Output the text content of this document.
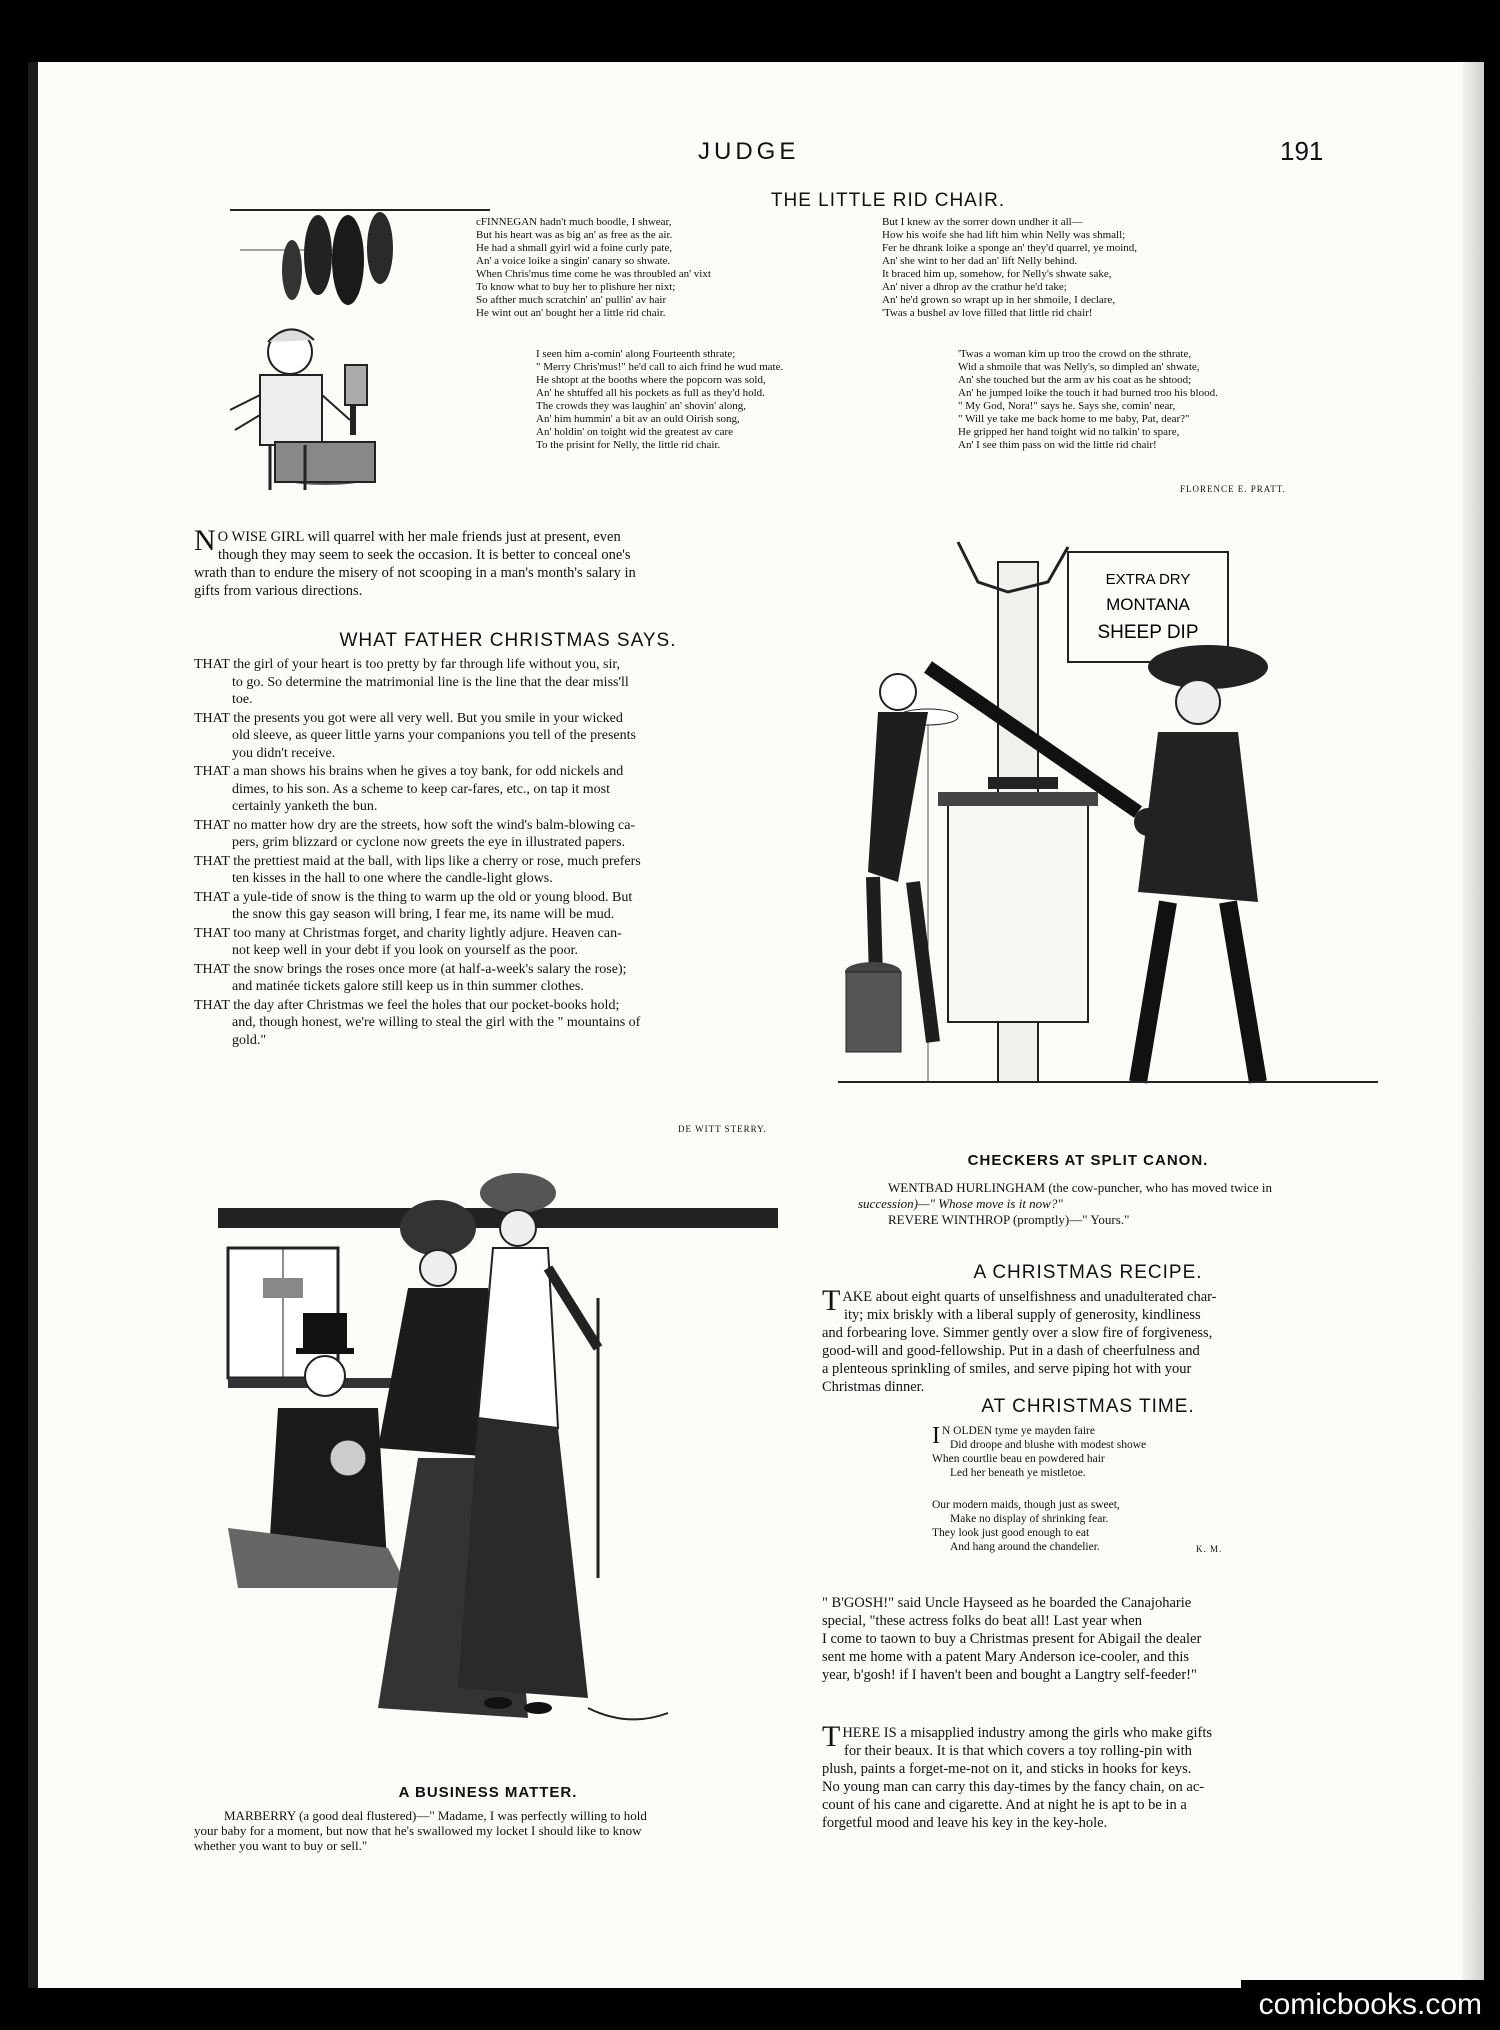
JUDGE	191
THE LITTLE RID CHAIR.
cFINNEGAN hadn't much boodle, I shwear,
But his heart was as big an' as free as the air.
He had a shmall gyirl wid a foine curly pate,
An' a voice loike a singin' canary so shwate.
When Chris'mus time come he was throubled an' vixt
To know what to buy her to plishure her nixt;
So afther much scratchin' an' pullin' av hair
He wint out an' bought her a little rid chair.
I seen him a-comin' along Fourteenth sthrate;
" Merry Chris'mus!" he'd call to aich frind he wud mate.
He shtopt at the booths where the popcorn was sold,
An' he shtuffed all his pockets as full as they'd hold.
The crowds they was laughin' an' shovin' along,
An' him hummin' a bit av an ould Oirish song,
An' holdin' on toight wid the greatest av care
To the prisint for Nelly, the little rid chair.
But I knew av the sorrer down undher it all—
How his woife she had lift him whin Nelly was shmall;
Fer he dhrank loike a sponge an' they'd quarrel, ye moind,
An' she wint to her dad an' lift Nelly behind.
It braced him up, somehow, for Nelly's shwate sake,
An' niver a dhrop av the crathur he'd take;
An' he'd grown so wrapt up in her shmoile, I declare,
'Twas a bushel av love filled that little rid chair!
'Twas a woman kim up troo the crowd on the sthrate,
Wid a shmoile that was Nelly's, so dimpled an' shwate,
An' she touched but the arm av his coat as he shtood;
An' he jumped loike the touch it had burned troo his blood.
" My God, Nora!" says he. Says she, comin' near,
" Will ye take me back home to me baby, Pat, dear?"
He gripped her hand toight wid no talkin' to spare,
An' I see thim pass on wid the little rid chair!
FLORENCE E. PRATT.
N O WISE GIRL will quarrel with her male friends just at present, even
though they may seem to seek the occasion. It is better to conceal one's
wrath than to endure the misery of not scooping in a man's month's salary in
gifts from various directions.
WHAT FATHER CHRISTMAS SAYS.
THAT the girl of your heart is too pretty by far through life without you, sir,
to go. So determine the matrimonial line is the line that the dear miss'll
toe.
THAT the presents you got were all very well. But you smile in your wicked
old sleeve, as queer little yarns your companions you tell of the presents
you didn't receive.
THAT a man shows his brains when he gives a toy bank, for odd nickels and
dimes, to his son. As a scheme to keep car-fares, etc., on tap it most
certainly yanketh the bun.
THAT no matter how dry are the streets, how soft the wind's balm-blowing ca-
pers, grim blizzard or cyclone now greets the eye in illustrated papers.
THAT the prettiest maid at the ball, with lips like a cherry or rose, much prefers
ten kisses in the hall to one where the candle-light glows.
THAT a yule-tide of snow is the thing to warm up the old or young blood. But
the snow this gay season will bring, I fear me, its name will be mud.
THAT too many at Christmas forget, and charity lightly adjure. Heaven can-
not keep well in your debt if you look on yourself as the poor.
THAT the snow brings the roses once more (at half-a-week's salary the rose);
and matinée tickets galore still keep us in thin summer clothes.
THAT the day after Christmas we feel the holes that our pocket-books hold;
and, though honest, we're willing to steal the girl with the " mountains of
gold."
DE WITT STERRY.
EXTRA DRY
MONTANA
SHEEP DIP
CHECKERS AT SPLIT CANON.
WENTBAD HURLINGHAM (the cow-puncher, who has moved twice in
succession)—" Whose move is it now?"
REVERE WINTHROP (promptly)—" Yours."
A CHRISTMAS RECIPE.
T AKE about eight quarts of unselfishness and unadulterated char-
ity; mix briskly with a liberal supply of generosity, kindliness
and forbearing love. Simmer gently over a slow fire of forgiveness,
good-will and good-fellowship. Put in a dash of cheerfulness and
a plenteous sprinkling of smiles, and serve piping hot with your
Christmas dinner.
AT CHRISTMAS TIME.
I N OLDEN tyme ye mayden faire
Did droope and blushe with modest showe
When courtlie beau en powdered hair
Led her beneath ye mistletoe.
Our modern maids, though just as sweet,
Make no display of shrinking fear.
They look just good enough to eat
And hang around the chandelier.	K. M.
" B'GOSH!" said Uncle Hayseed as he boarded the Canajoharie
special, "these actress folks do beat all! Last year when
I come to taown to buy a Christmas present for Abigail the dealer
sent me home with a patent Mary Anderson ice-cooler, and this
year, b'gosh! if I haven't been and bought a Langtry self-feeder!"
T HERE IS a misapplied industry among the girls who make gifts
for their beaux. It is that which covers a toy rolling-pin with
plush, paints a forget-me-not on it, and sticks in hooks for keys.
No young man can carry this day-times by the fancy chain, on ac-
count of his cane and cigarette. And at night he is apt to be in a
forgetful mood and leave his key in the key-hole.
A BUSINESS MATTER.
MARBERRY (a good deal flustered)—" Madame, I was perfectly willing to hold
your baby for a moment, but now that he's swallowed my locket I should like to know
whether you want to buy or sell."
comicbooks.com
